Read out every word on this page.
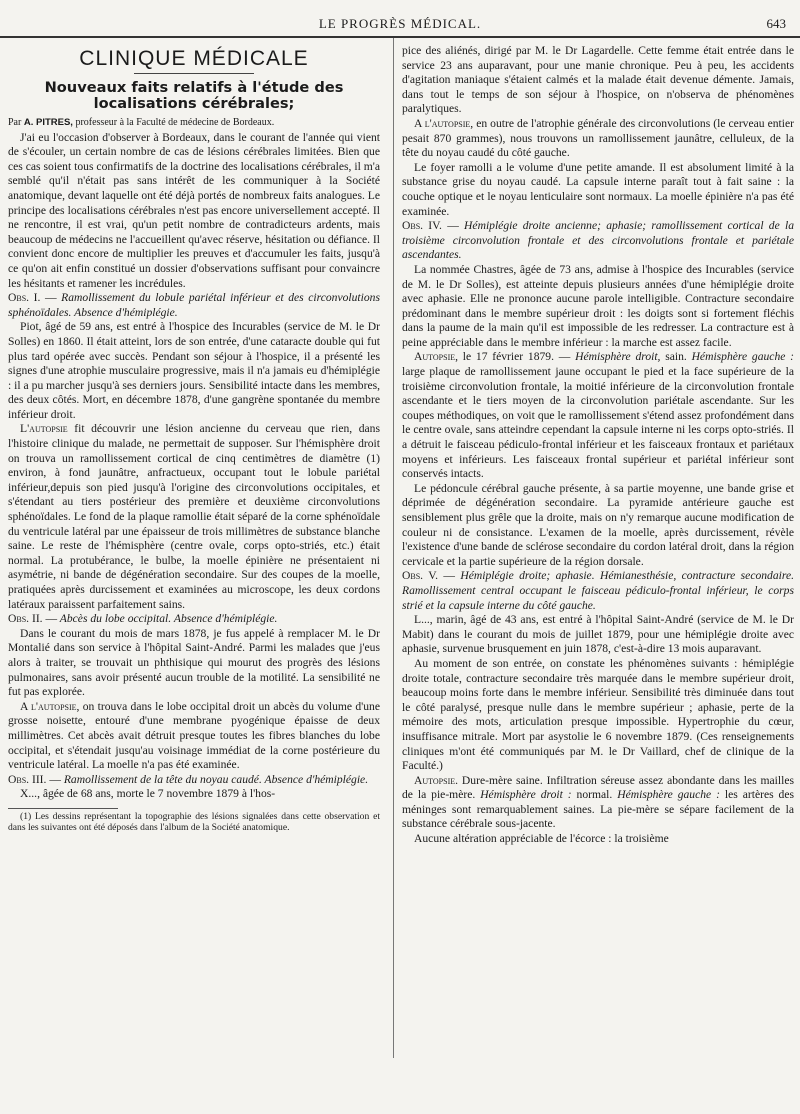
LE PROGRÈS MÉDICAL.	643
CLINIQUE MÉDICALE
Nouveaux faits relatifs à l'étude des localisations cérébrales;
Par A. PITRES, professeur à la Faculté de médecine de Bordeaux.

J'ai eu l'occasion d'observer à Bordeaux, dans le courant de l'année qui vient de s'écouler, un certain nombre de cas de lésions cérébrales limitées. Bien que ces cas soient tous confirmatifs de la doctrine des localisations cérébrales, il m'a semblé qu'il n'était pas sans intérêt de les communiquer à la Société anatomique, devant laquelle ont été déjà portés de nombreux faits analogues. Le principe des localisations cérébrales n'est pas encore universellement accepté. Il ne rencontre, il est vrai, qu'un petit nombre de contradicteurs ardents, mais beaucoup de médecins ne l'accueillent qu'avec réserve, hésitation ou défiance. Il convient donc encore de multiplier les preuves et d'accumuler les faits, jusqu'à ce qu'on ait enfin constitué un dossier d'observations suffisant pour convaincre les hésitants et ramener les incrédules.

Obs. I. — Ramollissement du lobule pariétal inférieur et des circonvolutions sphénoïdales. Absence d'hémiplégie.

Piot, âgé de 59 ans, est entré à l'hospice des Incurables (service de M. le Dr Solles) en 1860. Il était atteint, lors de son entrée, d'une cataracte double qui fut plus tard opérée avec succès. Pendant son séjour à l'hospice, il a présenté les signes d'une atrophie musculaire progressive, mais il n'a jamais eu d'hémiplégie : il a pu marcher jusqu'à ses derniers jours. Sensibilité intacte dans les membres, des deux côtés. Mort, en décembre 1878, d'une gangrène spontanée du membre inférieur droit.

L'autopsie fit découvrir une lésion ancienne du cerveau que rien, dans l'histoire clinique du malade, ne permettait de supposer. Sur l'hémisphère droit on trouva un ramollissement cortical de cinq centimètres de diamètre (1) environ, à fond jaunâtre, anfractueux, occupant tout le lobule pariétal inférieur,depuis son pied jusqu'à l'origine des circonvolutions occipitales, et s'étendant au tiers postérieur des première et deuxième circonvolutions sphénoïdales. Le fond de la plaque ramollie était séparé de la corne sphénoïdale du ventricule latéral par une épaisseur de trois millimètres de substance blanche saine. Le reste de l'hémisphère (centre ovale, corps opto-striés, etc.) était normal. La protubérance, le bulbe, la moelle épinière ne présentaient ni asymétrie, ni bande de dégénération secondaire. Sur des coupes de la moelle, pratiquées après durcissement et examinées au microscope, les deux cordons latéraux paraissent parfaitement sains.

Obs. II. — Abcès du lobe occipital. Absence d'hémiplégie.

Dans le courant du mois de mars 1878, je fus appelé à remplacer M. le Dr Montalié dans son service à l'hôpital Saint-André. Parmi les malades que j'eus alors à traiter, se trouvait un phthisique qui mourut des progrès des lésions pulmonaires, sans avoir présenté aucun trouble de la motilité. La sensibilité ne fut pas explorée.

A l'autopsie, on trouva dans le lobe occipital droit un abcès du volume d'une grosse noisette, entouré d'une membrane pyogénique épaisse de deux millimètres. Cet abcès avait détruit presque toutes les fibres blanches du lobe occipital, et s'étendait jusqu'au voisinage immédiat de la corne postérieure du ventricule latéral. La moelle n'a pas été examinée.

Obs. III. — Ramollissement de la tête du noyau caudé. Absence d'hémiplégie.

X..., âgée de 68 ans, morte le 7 novembre 1879 à l'hos-

(1) Les dessins représentant la topographie des lésions signalées dans cette observation et dans les suivantes ont été déposés dans l'album de la Société anatomique.

pice des aliénés, dirigé par M. le Dr Lagardelle. Cette femme était entrée dans le service 23 ans auparavant, pour une manie chronique. Peu à peu, les accidents d'agitation maniaque s'étaient calmés et la malade était devenue démente. Jamais, dans tout le temps de son séjour à l'hospice, on n'observa de phénomènes paralytiques.

A l'autopsie, en outre de l'atrophie générale des circonvolutions (le cerveau entier pesait 870 grammes), nous trouvons un ramollissement jaunâtre, celluleux, de la tête du noyau caudé du côté gauche.

Le foyer ramolli a le volume d'une petite amande. Il est absolument limité à la substance grise du noyau caudé. La capsule interne paraît tout à fait saine : la couche optique et le noyau lenticulaire sont normaux. La moelle épinière n'a pas été examinée.

Obs. IV. — Hémiplégie droite ancienne; aphasie; ramollissement cortical de la troisième circonvolution frontale et des circonvolutions frontale et pariétale ascendantes.

La nommée Chastres, âgée de 73 ans, admise à l'hospice des Incurables (service de M. le Dr Solles), est atteinte depuis plusieurs années d'une hémiplégie droite avec aphasie. Elle ne prononce aucune parole intelligible. Contracture secondaire prédominant dans le membre supérieur droit : les doigts sont si fortement fléchis dans la paume de la main qu'il est impossible de les redresser. La contracture est à peine appréciable dans le membre inférieur : la marche est assez facile.

Autopsie, le 17 février 1879. — Hémisphère droit, sain. Hémisphère gauche : large plaque de ramollissement jaune occupant le pied et la face supérieure de la troisième circonvolution frontale, la moitié inférieure de la circonvolution frontale ascendante et le tiers moyen de la circonvolution pariétale ascendante. Sur les coupes méthodiques, on voit que le ramollissement s'étend assez profondément dans le centre ovale, sans atteindre cependant la capsule interne ni les corps opto-striés. Il a détruit le faisceau pédiculo-frontal inférieur et les faisceaux frontaux et pariétaux moyens et inférieurs. Les faisceaux frontal supérieur et pariétal inférieur sont conservés intacts.

Le pédoncule cérébral gauche présente, à sa partie moyenne, une bande grise et déprimée de dégénération secondaire. La pyramide antérieure gauche est sensiblement plus grêle que la droite, mais on n'y remarque aucune modification de couleur ni de consistance. L'examen de la moelle, après durcissement, révèle l'existence d'une bande de sclérose secondaire du cordon latéral droit, dans la région cervicale et la partie supérieure de la région dorsale.

Obs. V. — Hémiplégie droite; aphasie. Hémianesthésie, contracture secondaire. Ramollissement central occupant le faisceau pédiculo-frontal inférieur, le corps strié et la capsule interne du côté gauche.

L..., marin, âgé de 43 ans, est entré à l'hôpital Saint-André (service de M. le Dr Mabit) dans le courant du mois de juillet 1879, pour une hémiplégie droite avec aphasie, survenue brusquement en juin 1878, c'est-à-dire 13 mois auparavant.

Au moment de son entrée, on constate les phénomènes suivants : hémiplégie droite totale, contracture secondaire très marquée dans le membre supérieur droit, beaucoup moins forte dans le membre inférieur. Sensibilité très diminuée dans tout le côté paralysé, presque nulle dans le membre supérieur ; aphasie, perte de la mémoire des mots, articulation presque impossible. Hypertrophie du cœur, insuffisance mitrale. Mort par asystolie le 6 novembre 1879. (Ces renseignements cliniques m'ont été communiqués par M. le Dr Vaillard, chef de clinique de la Faculté.)

Autopsie. Dure-mère saine. Infiltration séreuse assez abondante dans les mailles de la pie-mère. Hémisphère droit : normal. Hémisphère gauche : les artères des méninges sont remarquablement saines. La pie-mère se sépare facilement de la substance cérébrale sous-jacente.

Aucune altération appréciable de l'écorce : la troisième
